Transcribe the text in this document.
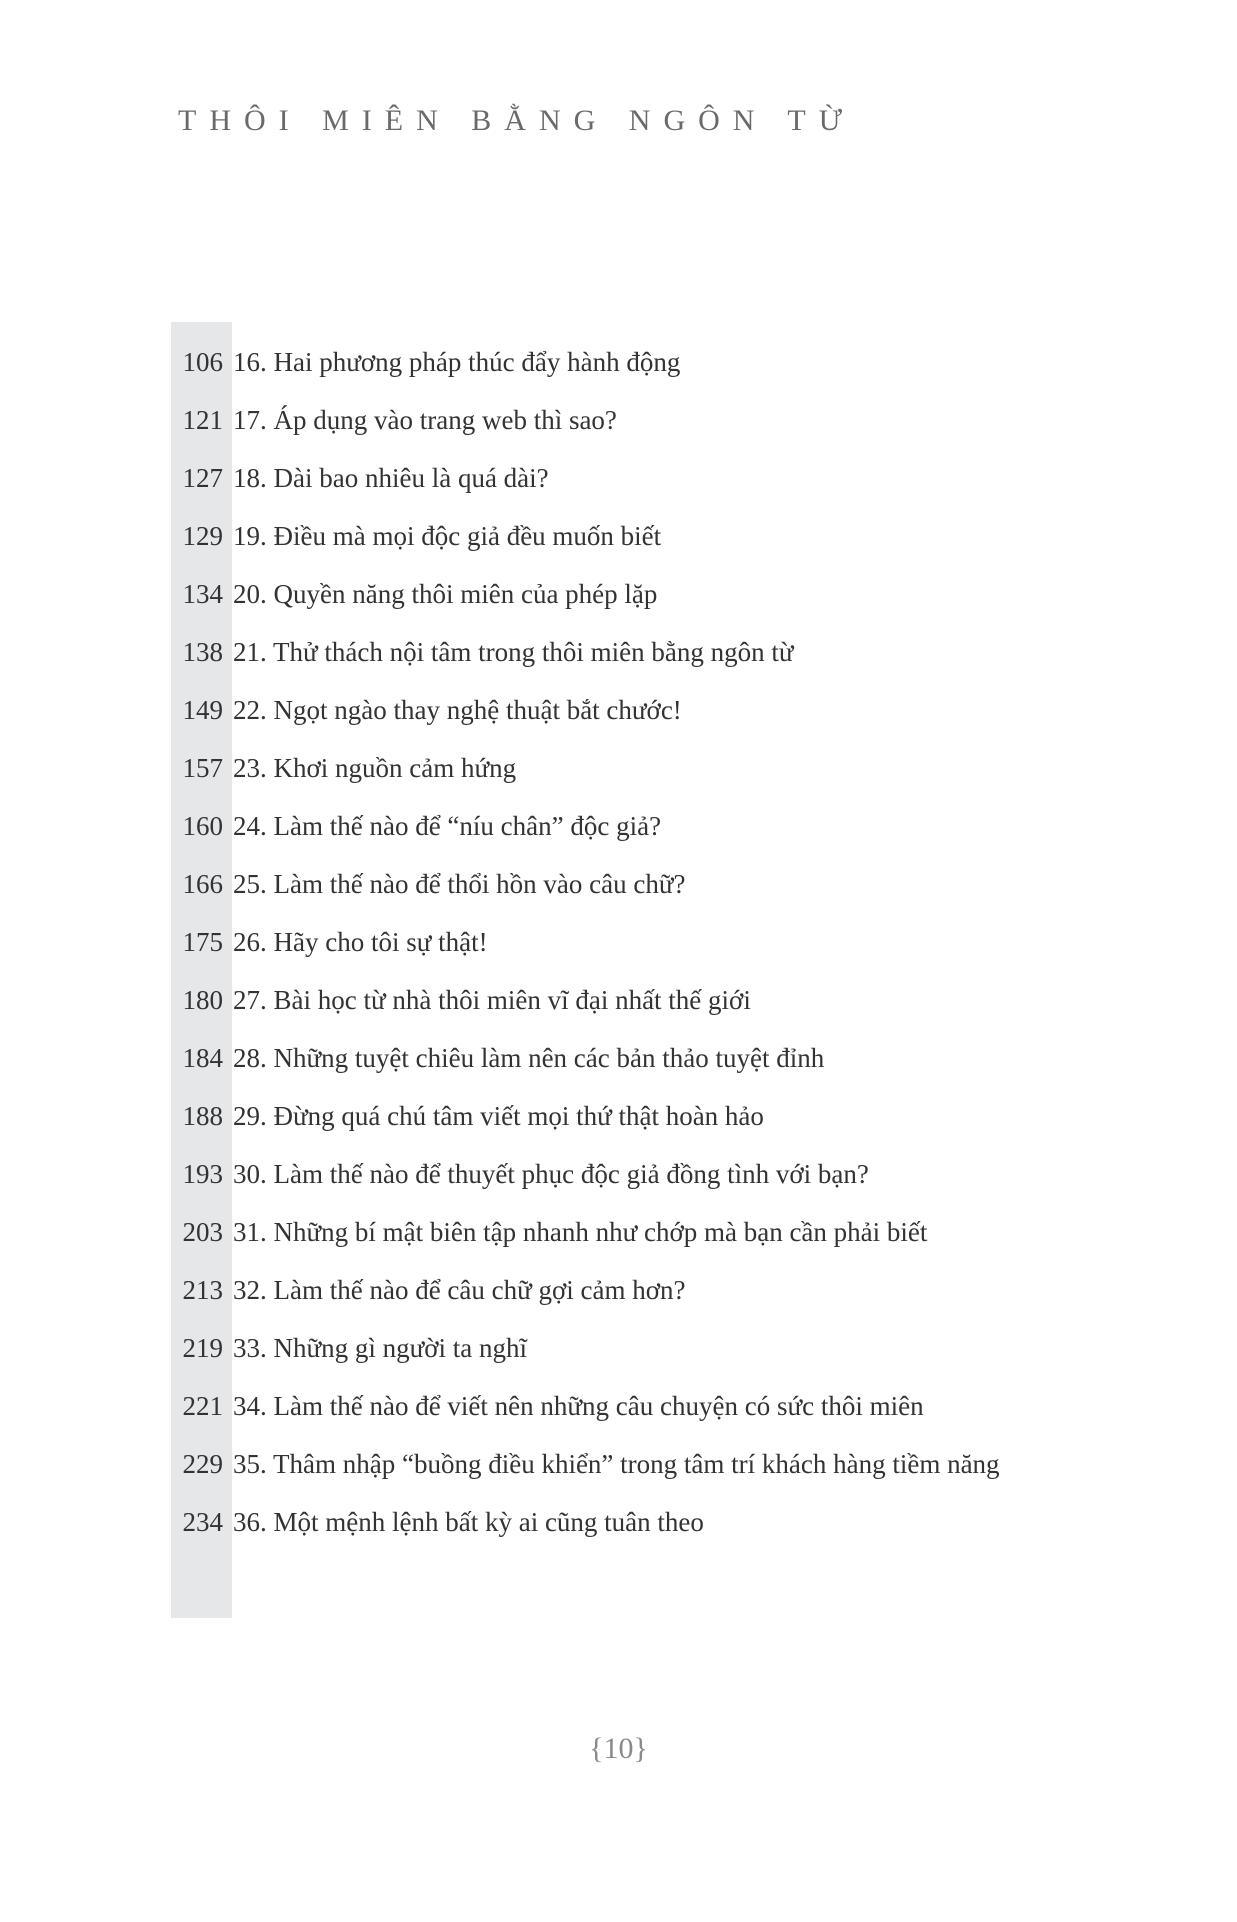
THÔI MIÊN BẰNG NGÔN TỪ
106 16. Hai phương pháp thúc đẩy hành động
121 17. Áp dụng vào trang web thì sao?
127 18. Dài bao nhiêu là quá dài?
129 19. Điều mà mọi độc giả đều muốn biết
134 20. Quyền năng thôi miên của phép lặp
138 21. Thử thách nội tâm trong thôi miên bằng ngôn từ
149 22. Ngọt ngào thay nghệ thuật bắt chước!
157 23. Khơi nguồn cảm hứng
160 24. Làm thế nào để “níu chân” độc giả?
166 25. Làm thế nào để thổi hồn vào câu chữ?
175 26. Hãy cho tôi sự thật!
180 27. Bài học từ nhà thôi miên vĩ đại nhất thế giới
184 28. Những tuyệt chiêu làm nên các bản thảo tuyệt đỉnh
188 29. Đừng quá chú tâm viết mọi thứ thật hoàn hảo
193 30. Làm thế nào để thuyết phục độc giả đồng tình với bạn?
203 31. Những bí mật biên tập nhanh như chớp mà bạn cần phải biết
213 32. Làm thế nào để câu chữ gợi cảm hơn?
219 33. Những gì người ta nghĩ
221 34. Làm thế nào để viết nên những câu chuyện có sức thôi miên
229 35. Thâm nhập “buồng điều khiển” trong tâm trí khách hàng tiềm năng
234 36. Một mệnh lệnh bất kỳ ai cũng tuân theo
{10}
